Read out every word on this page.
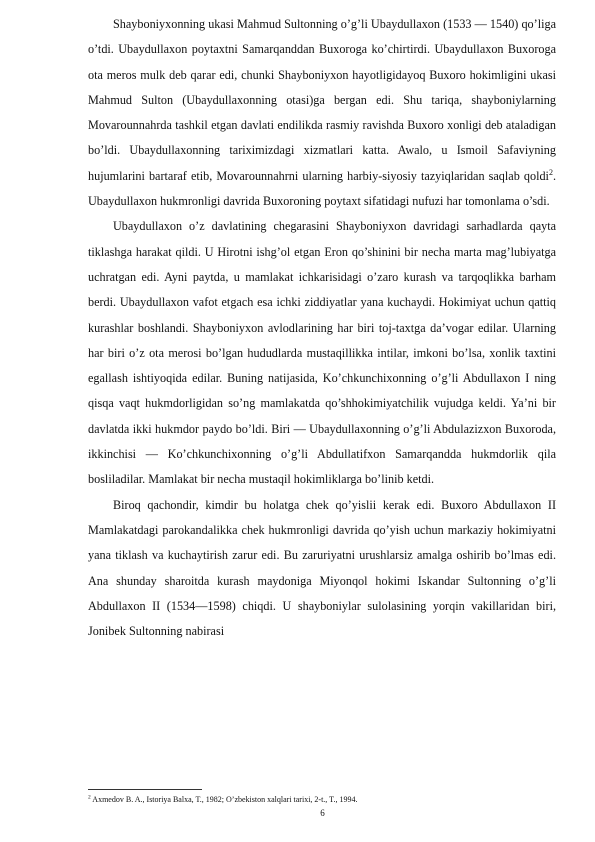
Shayboniyxonning ukasi Mahmud Sultonning o’g’li Ubaydullaxon (1533 — 1540) qo’liga o’tdi. Ubaydullaxon poytaxtni Samarqanddan Buxoroga ko’chirtirdi. Ubaydullaxon Buxoroga ota meros mulk deb qarar edi, chunki Shayboniyxon hayotligidayoq Buxoro hokimligini ukasi Mahmud Sulton (Ubaydullaxonning otasi)ga bergan edi. Shu tariqa, shayboniylarning Movarounnahrda tashkil etgan davlati endilikda rasmiy ravishda Buxoro xonligi deb ataladigan bo’ldi. Ubaydullaxonning tariximizdagi xizmatlari katta. Awalo, u Ismoil Safaviyning hujumlarini bartaraf etib, Movarounnahrni ularning harbiy-siyosiy tazyiqlaridan saqlab qoldi$^2$. Ubaydullaxon hukmronligi davrida Buxoroning poytaxt sifatidagi nufuzi har tomonlama o’sdi.

Ubaydullaxon o’z davlatining chegarasini Shayboniyxon davridagi sarhadlarda qayta tiklashga harakat qildi. U Hirotni ishg’ol etgan Eron qo’shinini bir necha marta mag’lubiyatga uchratgan edi. Ayni paytda, u mamlakat ichkarisidagi o’zaro kurash va tarqoqlikka barham berdi. Ubaydullaxon vafot etgach esa ichki ziddiyatlar yana kuchaydi. Hokimiyat uchun qattiq kurashlar boshlandi. Shayboniyxon avlodlarining har biri toj-taxtga da’vogar edilar. Ularning har biri o’z ota merosi bo’lgan hududlarda mustaqillikka intilar, imkoni bo’lsa, xonlik taxtini egallash ishtiyoqida edilar. Buning natijasida, Ko’chkunchixonning o’g’li Abdullaxon I ning qisqa vaqt hukmdorligidan so’ng mamlakatda qo’shhokimiyatchilik vujudga keldi. Ya’ni bir davlatda ikki hukmdor paydo bo’ldi. Biri — Ubaydullaxonning o’g’li Abdulazizxon Buxoroda, ikkinchisi — Ko’chkunchixonning o’g’li Abdullatifxon Samarqandda hukmdorlik qila bosliladilar. Mamlakat bir necha mustaqil hokimliklarga bo’linib ketdi.

Biroq qachondir, kimdir bu holatga chek qo’yislii kerak edi. Buxoro Abdullaxon II Mamlakatdagi parokandalikka chek hukmronligi davrida qo’yish uchun markaziy hokimiyatni yana tiklash va kuchaytirish zarur edi. Bu zaruriyatni urushlarsiz amalga oshirib bo’lmas edi. Ana shunday sharoitda kurash maydoniga Miyonqol hokimi Iskandar Sultonning o’g’li Abdullaxon II (1534—1598) chiqdi. U shayboniylar sulolasining yorqin vakillaridan biri, Jonibek Sultonning nabirasi

$^2$ Axmedov B. A., Istoriya Balxa, T., 1982; O’zbekiston xalqlari tarixi, 2-t., T., 1994.

6
